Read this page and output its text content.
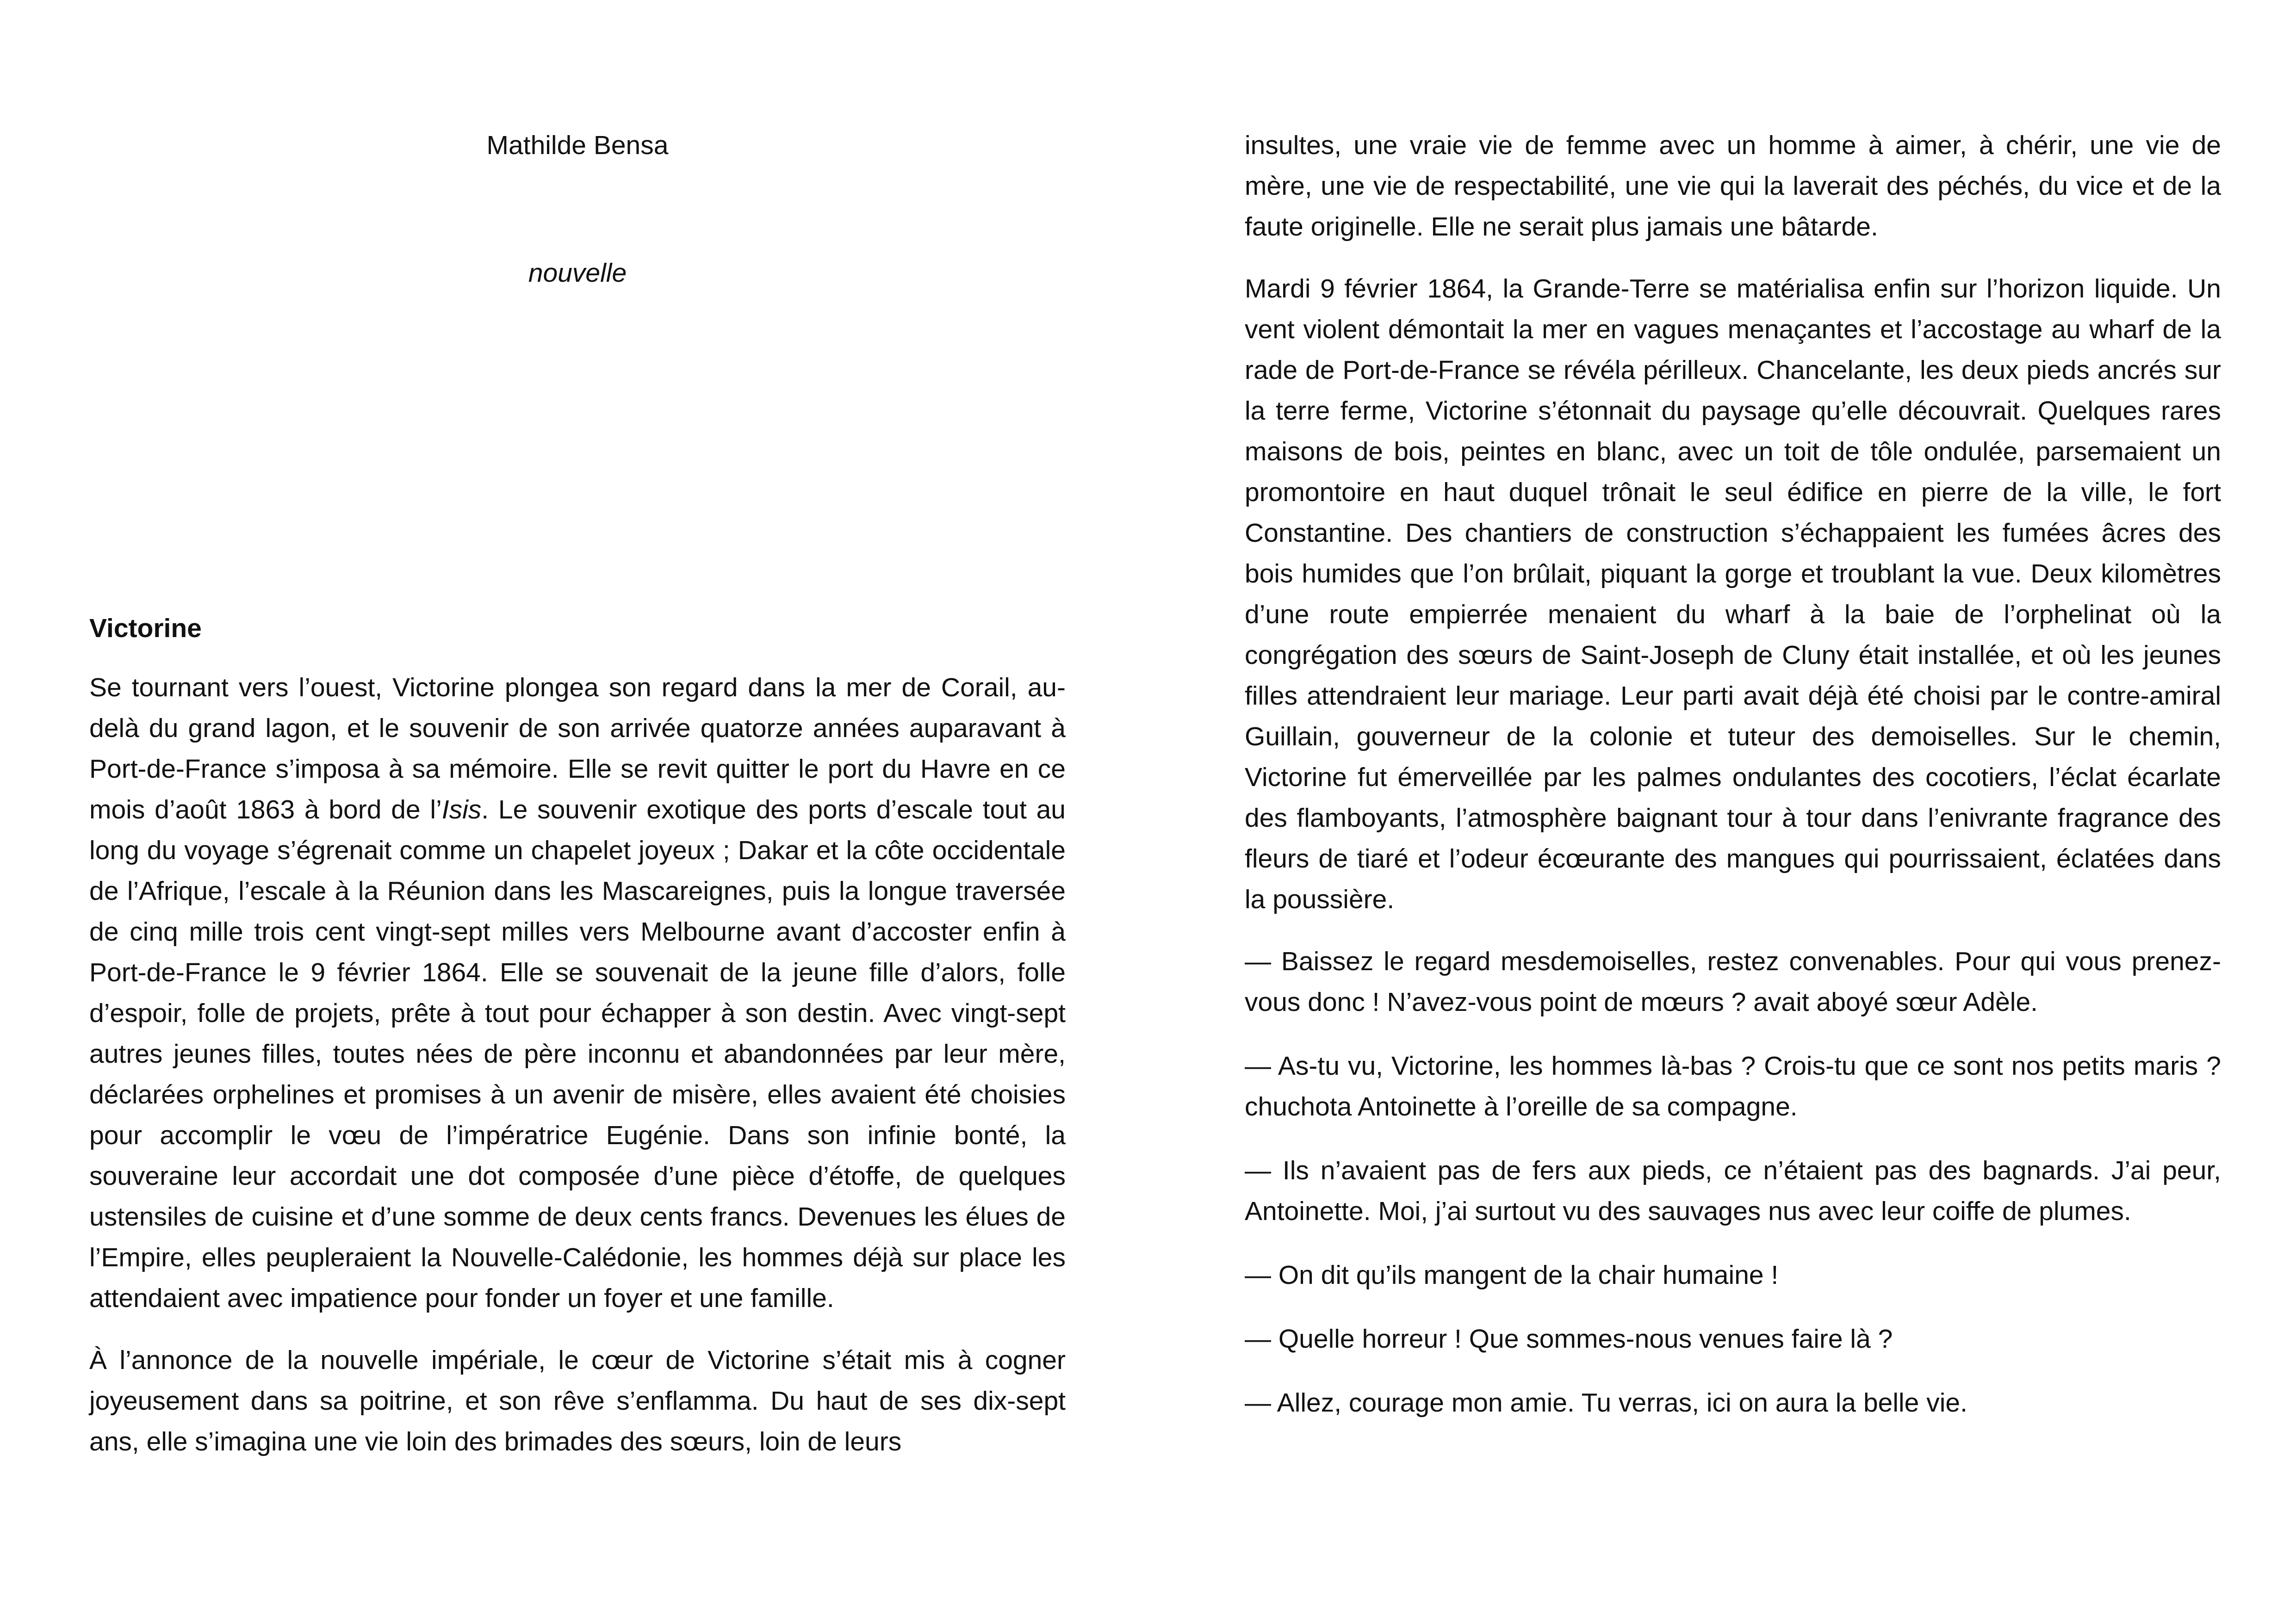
Mathilde Bensa

nouvelle

Victorine

Se tournant vers l’ouest, Victorine plongea son regard dans la mer de Corail, au-delà du grand lagon, et le souvenir de son arrivée quatorze années auparavant à Port-de-France s’imposa à sa mémoire. Elle se revit quitter le port du Havre en ce mois d’août 1863 à bord de l’Isis. Le souvenir exotique des ports d’escale tout au long du voyage s’égrenait comme un chapelet joyeux ; Dakar et la côte occidentale de l’Afrique, l’escale à la Réunion dans les Mascareignes, puis la longue traversée de cinq mille trois cent vingt-sept milles vers Melbourne avant d’accoster enfin à Port-de-France le 9 février 1864. Elle se souvenait de la jeune fille d’alors, folle d’espoir, folle de projets, prête à tout pour échapper à son destin. Avec vingt-sept autres jeunes filles, toutes nées de père inconnu et abandonnées par leur mère, déclarées orphelines et promises à un avenir de misère, elles avaient été choisies pour accomplir le vœu de l’impératrice Eugénie. Dans son infinie bonté, la souveraine leur accordait une dot composée d’une pièce d’étoffe, de quelques ustensiles de cuisine et d’une somme de deux cents francs. Devenues les élues de l’Empire, elles peupleraient la Nouvelle-Calédonie, les hommes déjà sur place les attendaient avec impatience pour fonder un foyer et une famille.

À l’annonce de la nouvelle impériale, le cœur de Victorine s’était mis à cogner joyeusement dans sa poitrine, et son rêve s’enflamma. Du haut de ses dix-sept ans, elle s’imagina une vie loin des brimades des sœurs, loin de leurs

insultes, une vraie vie de femme avec un homme à aimer, à chérir, une vie de mère, une vie de respectabilité, une vie qui la laverait des péchés, du vice et de la faute originelle. Elle ne serait plus jamais une bâtarde.

Mardi 9 février 1864, la Grande-Terre se matérialisa enfin sur l’horizon liquide. Un vent violent démontait la mer en vagues menaçantes et l’accostage au wharf de la rade de Port-de-France se révéla périlleux. Chancelante, les deux pieds ancrés sur la terre ferme, Victorine s’étonnait du paysage qu’elle découvrait. Quelques rares maisons de bois, peintes en blanc, avec un toit de tôle ondulée, parsemaient un promontoire en haut duquel trônait le seul édifice en pierre de la ville, le fort Constantine. Des chantiers de construction s’échappaient les fumées âcres des bois humides que l’on brûlait, piquant la gorge et troublant la vue. Deux kilomètres d’une route empierrée menaient du wharf à la baie de l’orphelinat où la congrégation des sœurs de Saint-Joseph de Cluny était installée, et où les jeunes filles attendraient leur mariage. Leur parti avait déjà été choisi par le contre-amiral Guillain, gouverneur de la colonie et tuteur des demoiselles. Sur le chemin, Victorine fut émerveillée par les palmes ondulantes des cocotiers, l’éclat écarlate des flamboyants, l’atmosphère baignant tour à tour dans l’enivrante fragrance des fleurs de tiaré et l’odeur écœurante des mangues qui pourrissaient, éclatées dans la poussière.

— Baissez le regard mesdemoiselles, restez convenables. Pour qui vous prenez-vous donc ! N’avez-vous point de mœurs ? avait aboyé sœur Adèle.

— As-tu vu, Victorine, les hommes là-bas ? Crois-tu que ce sont nos petits maris ? chuchota Antoinette à l’oreille de sa compagne.

— Ils n’avaient pas de fers aux pieds, ce n’étaient pas des bagnards. J’ai peur, Antoinette. Moi, j’ai surtout vu des sauvages nus avec leur coiffe de plumes.

— On dit qu’ils mangent de la chair humaine !

— Quelle horreur ! Que sommes-nous venues faire là ?

— Allez, courage mon amie. Tu verras, ici on aura la belle vie.
